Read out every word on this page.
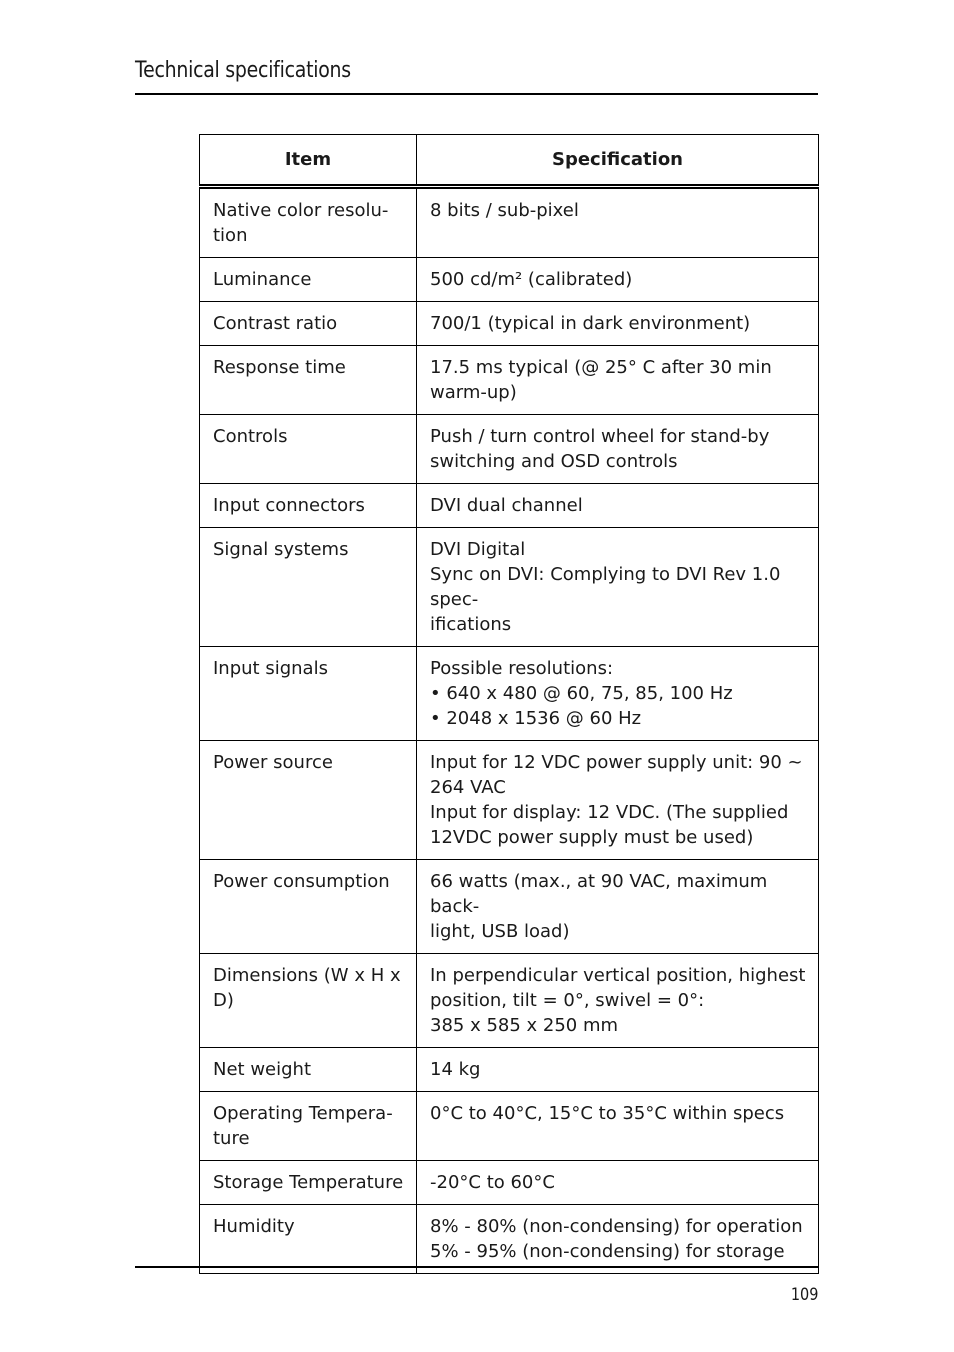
Technical specifications
Item	Specification

Native color resolu-
tion	8 bits / sub-pixel

Luminance	500 cd/m² (calibrated)

Contrast ratio	700/1 (typical in dark environment)

Response time	17.5 ms typical (@ 25° C after 30 min
warm-up)

Controls	Push / turn control wheel for stand-by
switching and OSD controls

Input connectors	DVI dual channel

Signal systems	DVI Digital
Sync on DVI: Complying to DVI Rev 1.0 spec-
ifications

Input signals	Possible resolutions:
• 640 x 480 @ 60, 75, 85, 100 Hz
• 2048 x 1536 @ 60 Hz

Power source	Input for 12 VDC power supply unit: 90 ~
264 VAC
Input for display: 12 VDC. (The supplied
12VDC power supply must be used)

Power consumption	66 watts (max., at 90 VAC, maximum back-
light, USB load)

Dimensions (W x H x
D)	In perpendicular vertical position, highest
position, tilt = 0°, swivel = 0°:
385 x 585 x 250 mm

Net weight	14 kg

Operating Tempera-
ture	0°C to 40°C, 15°C to 35°C within specs

Storage Temperature	-20°C to 60°C

Humidity	8% - 80% (non-condensing) for operation
5% - 95% (non-condensing) for storage
109
